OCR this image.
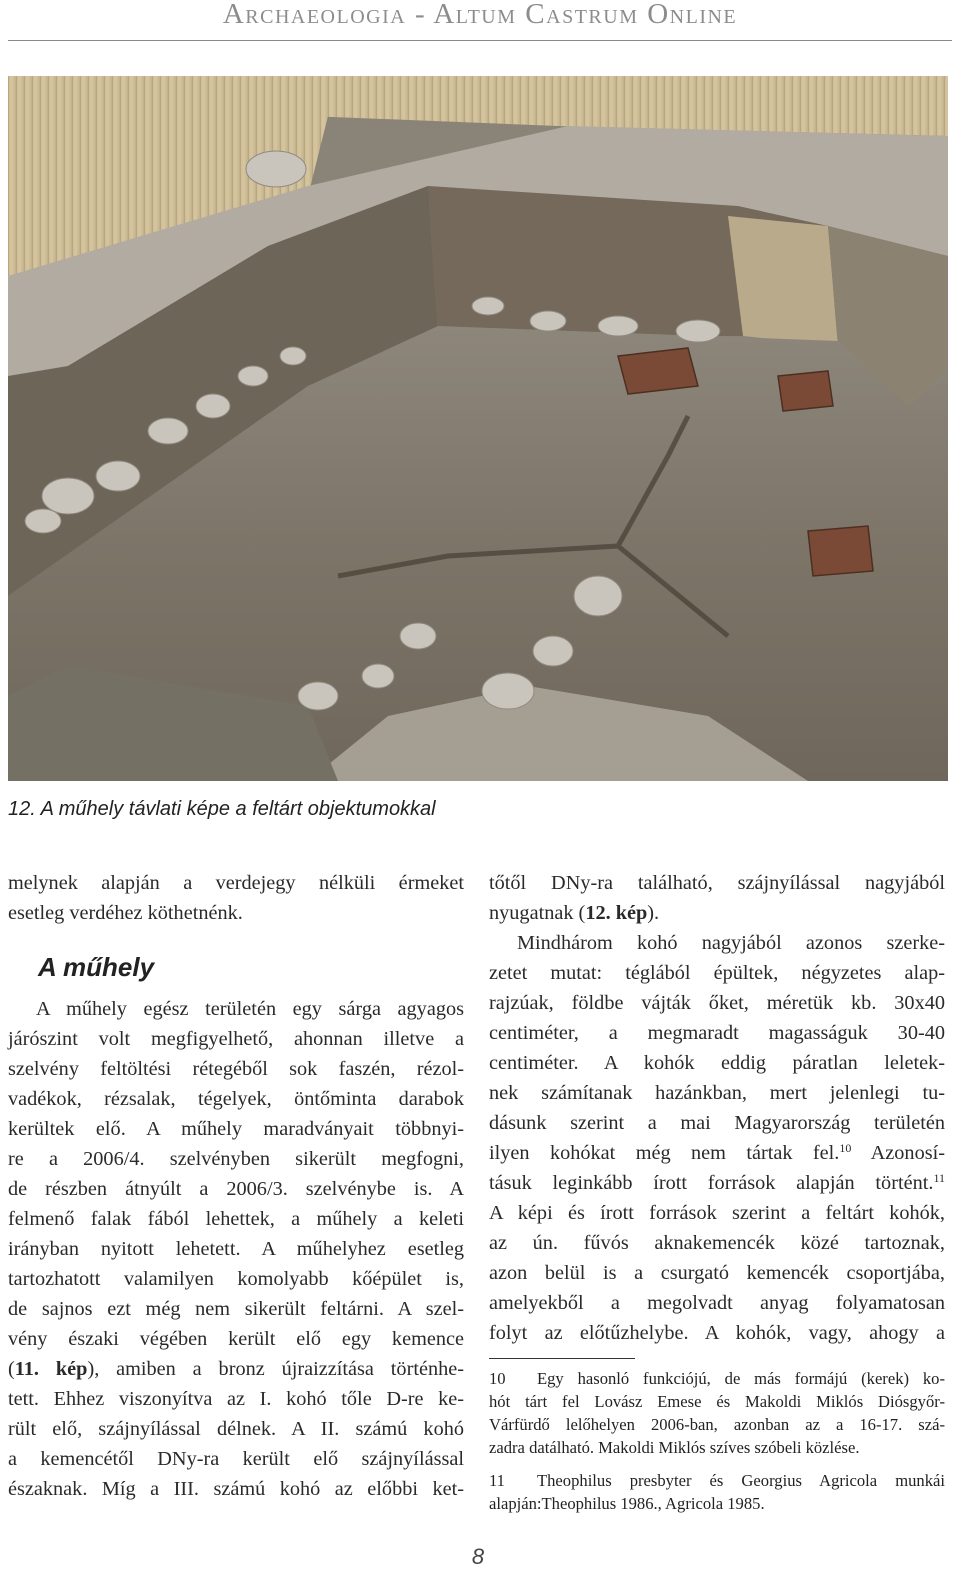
Archaeologia - Altum Castrum Online
12. A műhely távlati képe a feltárt objektumokkal
melynek alapján a verdejegy nélküli érmeket
esetleg verdéhez köthetnénk.
A műhely
A műhely egész területén egy sárga agyagos
járószint volt megfigyelhető, ahonnan illetve a
szelvény feltöltési rétegéből sok faszén, rézol-
vadékok, rézsalak, tégelyek, öntőminta darabok
kerültek elő. A műhely maradványait többnyi-
re a 2006/4. szelvényben sikerült megfogni,
de részben átnyúlt a 2006/3. szelvénybe is. A
felmenő falak fából lehettek, a műhely a keleti
irányban nyitott lehetett. A műhelyhez esetleg
tartozhatott valamilyen komolyabb kőépület is,
de sajnos ezt még nem sikerült feltárni. A szel-
vény északi végében került elő egy kemence
(11. kép), amiben a bronz újraizzítása történhe-
tett. Ehhez viszonyítva az I. kohó tőle D-re ke-
rült elő, szájnyílással délnek. A II. számú kohó
a kemencétől DNy-ra került elő szájnyílással
északnak. Míg a III. számú kohó az előbbi ket-
tőtől DNy-ra található, szájnyílással nagyjából
nyugatnak (12. kép).
Mindhárom kohó nagyjából azonos szerke-
zetet mutat: téglából épültek, négyzetes alap-
rajzúak, földbe vájták őket, méretük kb. 30x40
centiméter, a megmaradt magasságuk 30-40
centiméter. A kohók eddig páratlan leletek-
nek számítanak hazánkban, mert jelenlegi tu-
dásunk szerint a mai Magyarország területén
ilyen kohókat még nem tártak fel.$^{10}$ Azonosí-
tásuk leginkább írott források alapján történt.$^{11}$
A képi és írott források szerint a feltárt kohók,
az ún. fűvós aknakemencék közé tartoznak,
azon belül is a csurgató kemencék csoportjába,
amelyekből a megolvadt anyag folyamatosan
folyt az előtűzhelybe. A kohók, vagy, ahogy a
10 Egy hasonló funkciójú, de más formájú (kerek) ko-
hót tárt fel Lovász Emese és Makoldi Miklós Diósgyőr-
Várfürdő lelőhelyen 2006-ban, azonban az a 16-17. szá-
zadra datálható. Makoldi Miklós szíves szóbeli közlése.
11 Theophilus presbyter és Georgius Agricola munkái
alapján:Theophilus 1986., Agricola 1985.
8
